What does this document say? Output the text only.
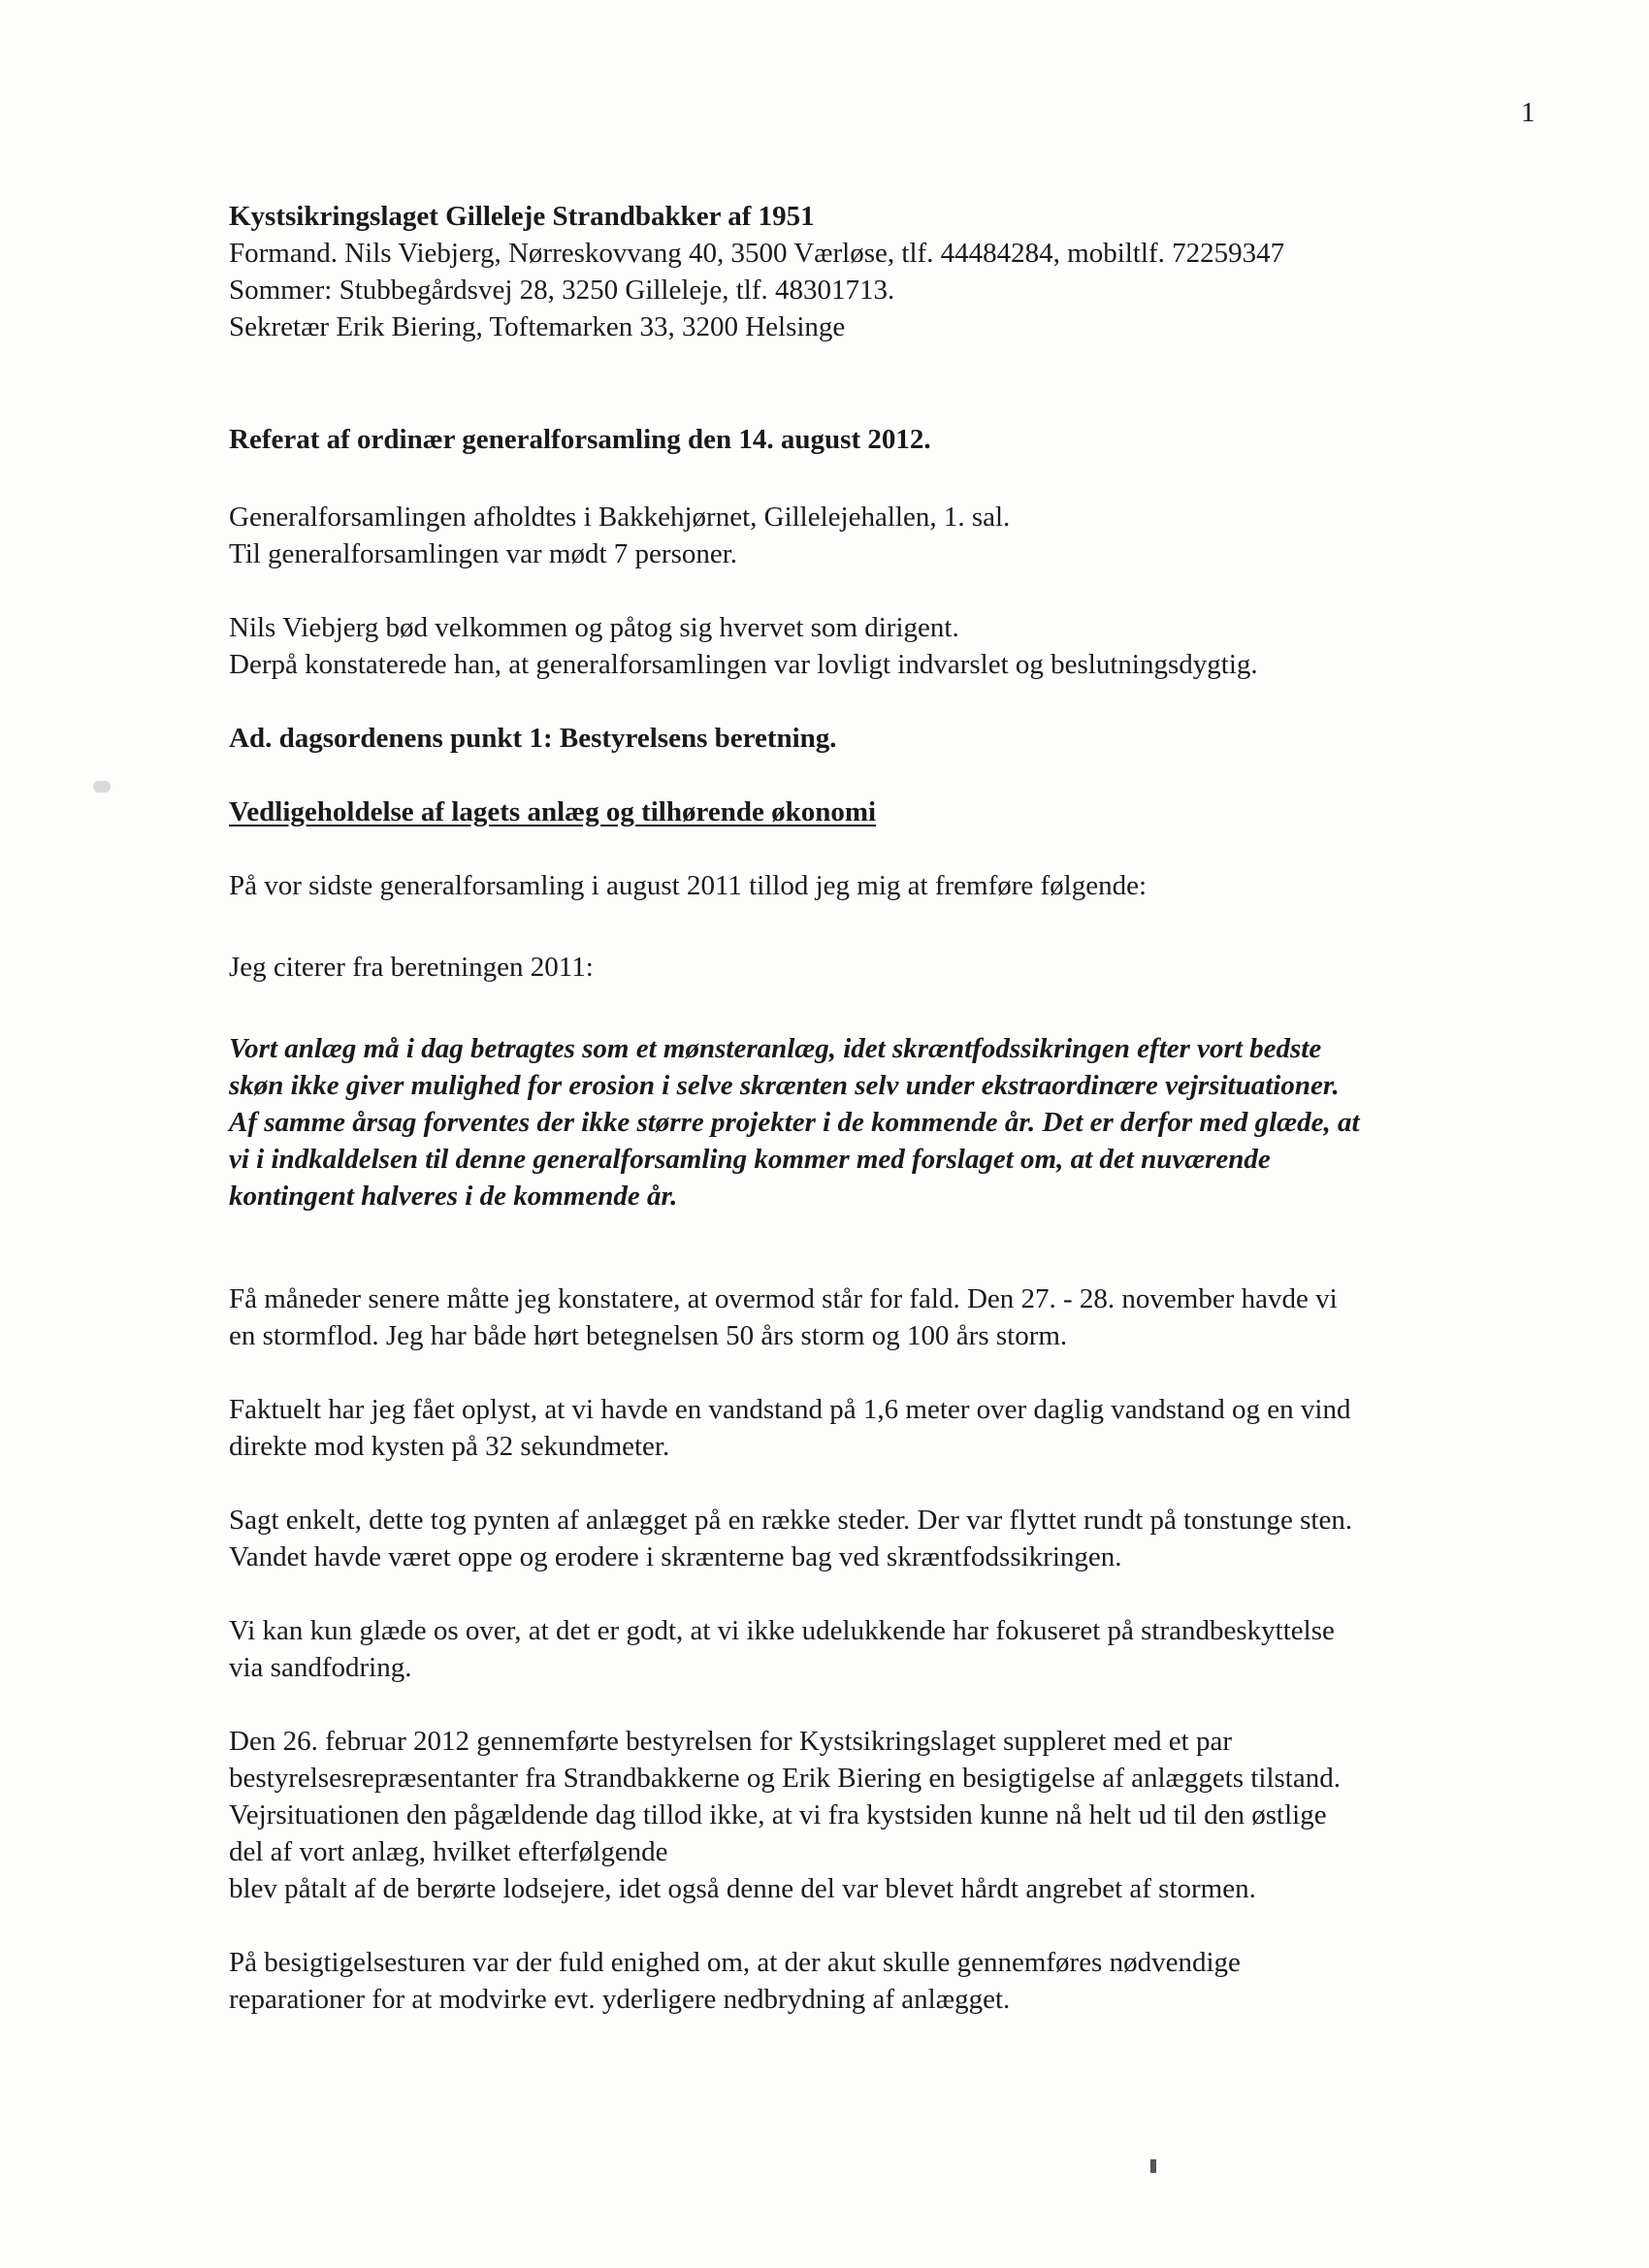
1
Kystsikringslaget Gilleleje Strandbakker af 1951
Formand. Nils Viebjerg, Nørreskovvang 40, 3500 Værløse, tlf. 44484284, mobiltlf. 72259347
Sommer: Stubbegårdsvej 28, 3250 Gilleleje, tlf. 48301713.
Sekretær Erik Biering, Toftemarken 33, 3200 Helsinge
Referat af ordinær generalforsamling den 14. august 2012.
Generalforsamlingen afholdtes i Bakkehjørnet, Gillelejehallen, 1. sal.
Til generalforsamlingen var mødt 7 personer.
Nils Viebjerg bød velkommen og påtog sig hvervet som dirigent.
Derpå konstaterede han, at generalforsamlingen var lovligt indvarslet og beslutningsdygtig.
Ad. dagsordenens punkt 1: Bestyrelsens beretning.
Vedligeholdelse af lagets anlæg og tilhørende økonomi
På vor sidste generalforsamling i august 2011 tillod jeg mig at fremføre følgende:
Jeg citerer fra beretningen 2011:
Vort anlæg må i dag betragtes som et mønsteranlæg, idet skræntfodssikringen efter vort bedste
skøn ikke giver mulighed for erosion i selve skrænten selv under ekstraordinære vejrsituationer.
Af samme årsag forventes der ikke større projekter i de kommende år. Det er derfor med glæde, at
vi i indkaldelsen til denne generalforsamling kommer med forslaget om, at det nuværende
kontingent halveres i de kommende år.
Få måneder senere måtte jeg konstatere, at overmod står for fald. Den 27. - 28. november havde vi
en stormflod. Jeg har både hørt betegnelsen 50 års storm og 100 års storm.
Faktuelt har jeg fået oplyst, at vi havde en vandstand på 1,6 meter over daglig vandstand og en vind
direkte mod kysten på 32 sekundmeter.
Sagt enkelt, dette tog pynten af anlægget på en række steder. Der var flyttet rundt på tonstunge sten.
Vandet havde været oppe og erodere i skrænterne bag ved skræntfodssikringen.
Vi kan kun glæde os over, at det er godt, at vi ikke udelukkende har fokuseret på strandbeskyttelse
via sandfodring.
Den 26. februar 2012 gennemførte bestyrelsen for Kystsikringslaget suppleret med et par
bestyrelsesrepræsentanter fra Strandbakkerne og Erik Biering en besigtigelse af anlæggets tilstand.
Vejrsituationen den pågældende dag tillod ikke, at vi fra kystsiden kunne nå helt ud til den østlige
del af vort anlæg, hvilket efterfølgende
blev påtalt af de berørte lodsejere, idet også denne del var blevet hårdt angrebet af stormen.
På besigtigelsesturen var der fuld enighed om, at der akut skulle gennemføres nødvendige
reparationer for at modvirke evt. yderligere nedbrydning af anlægget.
